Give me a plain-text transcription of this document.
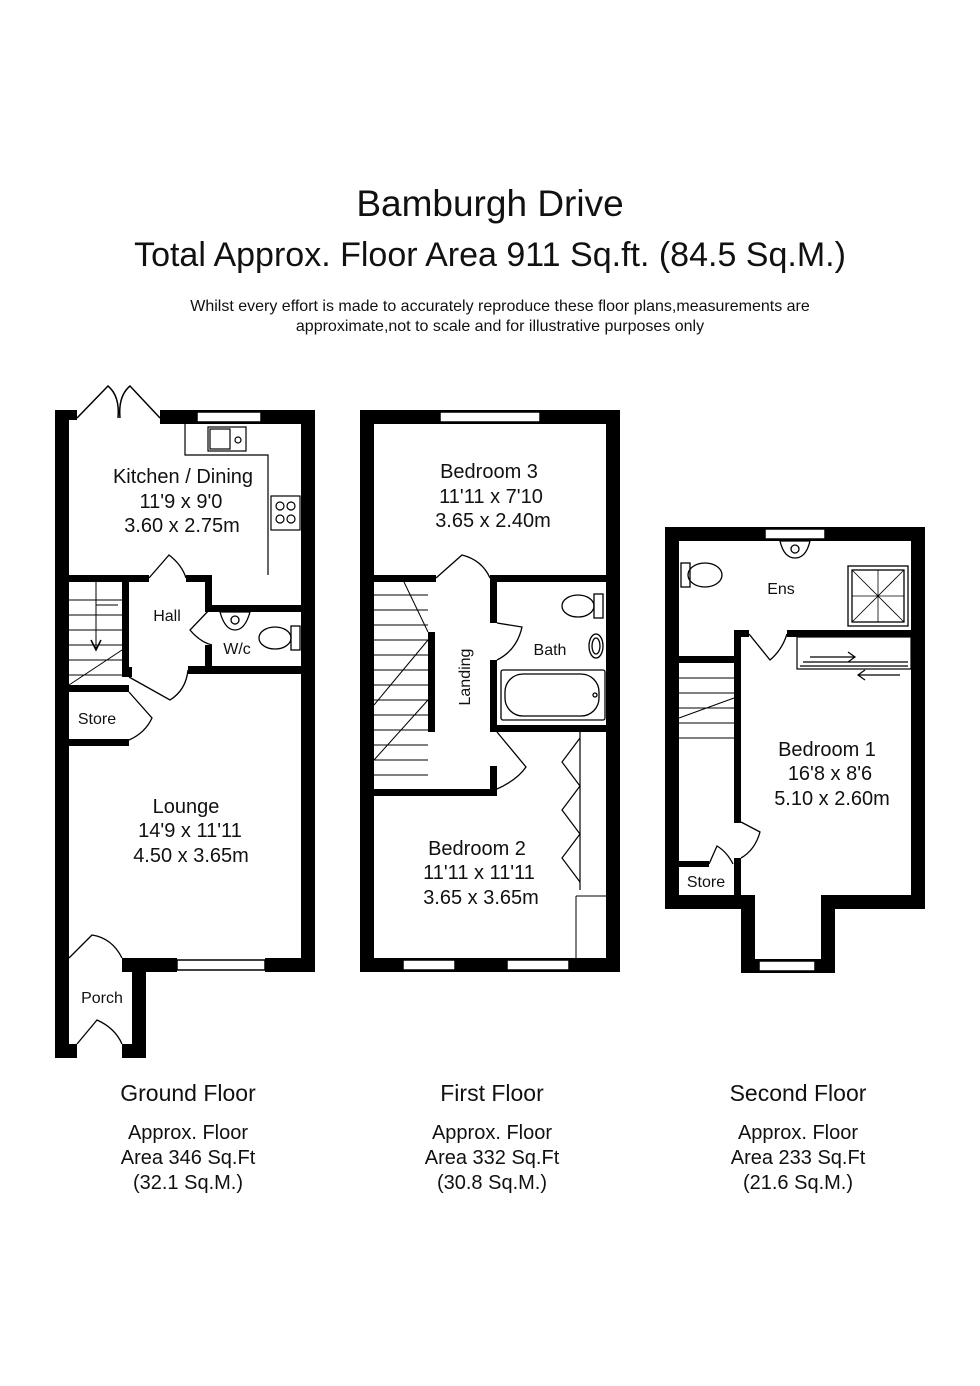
Bamburgh Drive
Total Approx. Floor Area 911 Sq.ft. (84.5 Sq.M.)
Whilst every effort is made to accurately reproduce these floor plans,measurements are
approximate,not to scale and for illustrative purposes only
Kitchen / Dining
11'9 x 9'0
3.60 x 2.75m
Hall
W/c
Store
Lounge
14'9 x 11'11
4.50 x 3.65m
Porch
Bedroom 3
11'11 x 7'10
3.65 x 2.40m
Landing	Bath
Bedroom 2
11'11 x 11'11
3.65 x 3.65m
Ens
Bedroom 1
16'8 x 8'6
5.10 x 2.60m
Store
Ground Floor
Approx. Floor
Area 346 Sq.Ft
(32.1 Sq.M.)
First Floor
Approx. Floor
Area 332 Sq.Ft
(30.8 Sq.M.)
Second Floor
Approx. Floor
Area 233 Sq.Ft
(21.6 Sq.M.)
